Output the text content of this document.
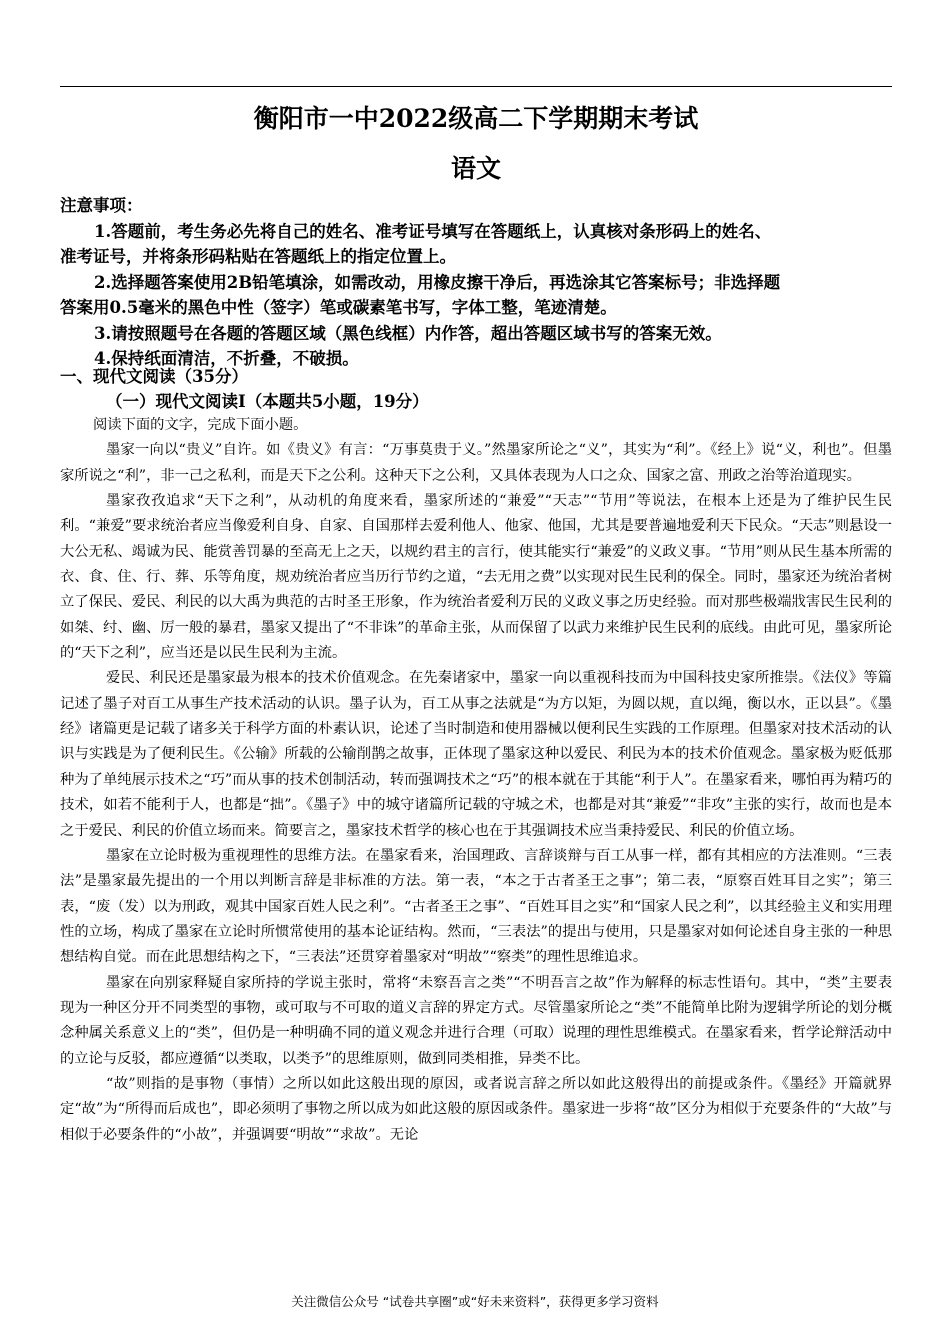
衡阳市一中2022级高二下学期期末考试
语文

注意事项：

1.答题前，考生务必先将自己的姓名、准考证号填写在答题纸上，认真核对条形码上的姓名、

准考证号，并将条形码粘贴在答题纸上的指定位置上。

2.选择题答案使用2B铅笔填涂，如需改动，用橡皮擦干净后，再选涂其它答案标号；非选择题

答案用0.5毫米的黑色中性（签字）笔或碳素笔书写，字体工整，笔迹清楚。

3.请按照题号在各题的答题区域（黑色线框）内作答，超出答题区域书写的答案无效。

4.保持纸面清洁，不折叠，不破损。

一、现代文阅读（35分）
（一）现代文阅读Ⅰ（本题共5小题，19分）

阅读下面的文字，完成下面小题。

墨家一向以“贵义”自许。如《贵义》有言：“万事莫贵于义。”然墨家所论之“义”，其实为“利”。《经上》说“义，利也”。但墨家所说之“利”，非一己之私利，而是天下之公利。这种天下之公利，又具体表现为人口之众、国家之富、刑政之治等治道现实。

墨家孜孜追求“天下之利”，从动机的角度来看，墨家所述的“兼爱”“天志”“节用”等说法，在根本上还是为了维护民生民利。“兼爱”要求统治者应当像爱利自身、自家、自国那样去爱利他人、他家、他国，尤其是要普遍地爱利天下民众。“天志”则悬设一大公无私、竭诚为民、能赏善罚暴的至高无上之天，以规约君主的言行，使其能实行“兼爱”的义政义事。“节用”则从民生基本所需的衣、食、住、行、葬、乐等角度，规劝统治者应当历行节约之道，“去无用之费”以实现对民生民利的保全。同时，墨家还为统治者树立了保民、爱民、利民的以大禹为典范的古时圣王形象，作为统治者爱利万民的义政义事之历史经验。而对那些极端戕害民生民利的如桀、纣、幽、厉一般的暴君，墨家又提出了“不非诛”的革命主张，从而保留了以武力来维护民生民利的底线。由此可见，墨家所论的“天下之利”，应当还是以民生民利为主流。

爱民、利民还是墨家最为根本的技术价值观念。在先秦诸家中，墨家一向以重视科技而为中国科技史家所推崇。《法仪》等篇记述了墨子对百工从事生产技术活动的认识。墨子认为，百工从事之法就是“为方以矩，为圆以规，直以绳，衡以水，正以县”。《墨经》诸篇更是记载了诸多关于科学方面的朴素认识，论述了当时制造和使用器械以便利民生实践的工作原理。但墨家对技术活动的认识与实践是为了便利民生。《公输》所载的公输削鹊之故事，正体现了墨家这种以爱民、利民为本的技术价值观念。墨家极为贬低那种为了单纯展示技术之“巧”而从事的技术创制活动，转而强调技术之“巧”的根本就在于其能“利于人”。在墨家看来，哪怕再为精巧的技术，如若不能利于人，也都是“拙”。《墨子》中的城守诸篇所记载的守城之术，也都是对其“兼爱”“非攻”主张的实行，故而也是本之于爱民、利民的价值立场而来。简要言之，墨家技术哲学的核心也在于其强调技术应当秉持爱民、利民的价值立场。

墨家在立论时极为重视理性的思维方法。在墨家看来，治国理政、言辞谈辩与百工从事一样，都有其相应的方法准则。“三表法”是墨家最先提出的一个用以判断言辞是非标准的方法。第一表，“本之于古者圣王之事”；第二表，“原察百姓耳目之实”；第三表，“废（发）以为刑政，观其中国家百姓人民之利”。“古者圣王之事”、“百姓耳目之实”和“国家人民之利”，以其经验主义和实用理性的立场，构成了墨家在立论时所惯常使用的基本论证结构。然而，“三表法”的提出与使用，只是墨家对如何论述自身主张的一种思想结构自觉。而在此思想结构之下，“三表法”还贯穿着墨家对“明故”“察类”的理性思维追求。

墨家在向别家释疑自家所持的学说主张时，常将“未察吾言之类”“不明吾言之故”作为解释的标志性语句。其中，“类”主要表现为一种区分开不同类型的事物，或可取与不可取的道义言辞的界定方式。尽管墨家所论之“类”不能简单比附为逻辑学所论的划分概念种属关系意义上的“类”，但仍是一种明确不同的道义观念并进行合理（可取）说理的理性思维模式。在墨家看来，哲学论辩活动中的立论与反驳，都应遵循“以类取，以类予”的思维原则，做到同类相推，异类不比。

“故”则指的是事物（事情）之所以如此这般出现的原因，或者说言辞之所以如此这般得出的前提或条件。《墨经》开篇就界定“故”为“所得而后成也”，即必须明了事物之所以成为如此这般的原因或条件。墨家进一步将“故”区分为相似于充要条件的“大故”与相似于必要条件的“小故”，并强调要“明故”“求故”。无论

关注微信公众号 “试卷共享圈”或“好未来资料”，获得更多学习资料
